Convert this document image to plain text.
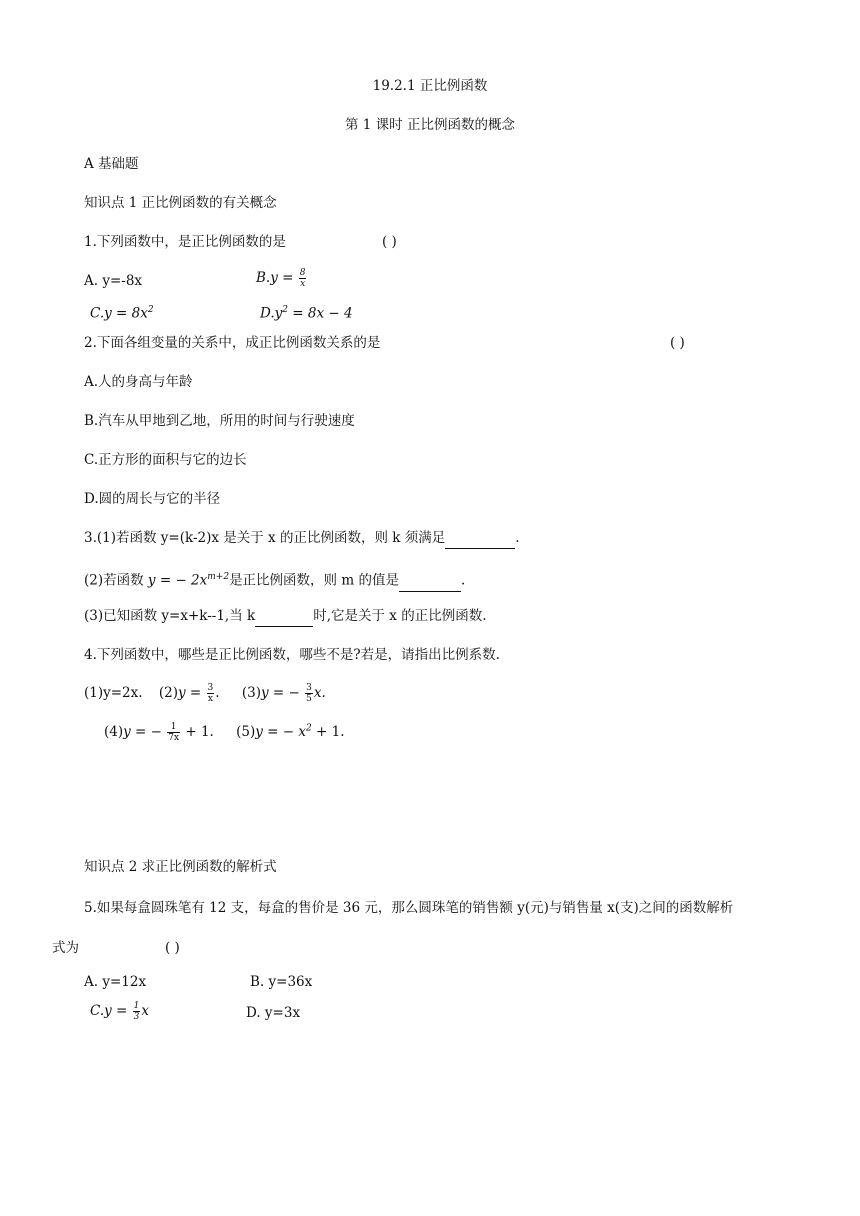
19.2.1 正比例函数
第 1 课时 正比例函数的概念
A 基础题
知识点 1 正比例函数的有关概念
1.下列函数中，是正比例函数的是	( )
A. y=-8x	$B.y = \frac{8}{x}$
$C.y = 8x^2$	$D.y^2 = 8x - 4$
2.下面各组变量的关系中，成正比例函数关系的是	( )
A.人的身高与年龄
B.汽车从甲地到乙地，所用的时间与行驶速度
C.正方形的面积与它的边长
D.圆的周长与它的半径
3.(1)若函数 y=(k-2)x 是关于 x 的正比例函数，则 k 须满足	.
(2)若函数 y = − $2x^{m+2}$是正比例函数，则 m 的值是	.
(3)已知函数 y=x+k--1,当 k	时,它是关于 x 的正比例函数.
4.下列函数中，哪些是正比例函数，哪些不是?若是，请指出比例系数.
(1)y=2x. $(2)y = \frac{3}{x}$ . (3)y = − $\frac{3}{5} x$.
(4)y = − $\frac{1}{7x} + 1$. (5)y = − $x^2 + 1$.
知识点 2 求正比例函数的解析式
5.如果每盒圆珠笔有 12 支，每盒的售价是 36 元，那么圆珠笔的销售额 y(元)与销售量 x(支)之间的函数解析
式为	( )
A. y=12x	B. y=36x
$C.y = \frac{1}{3}$ x	D. y=3x
